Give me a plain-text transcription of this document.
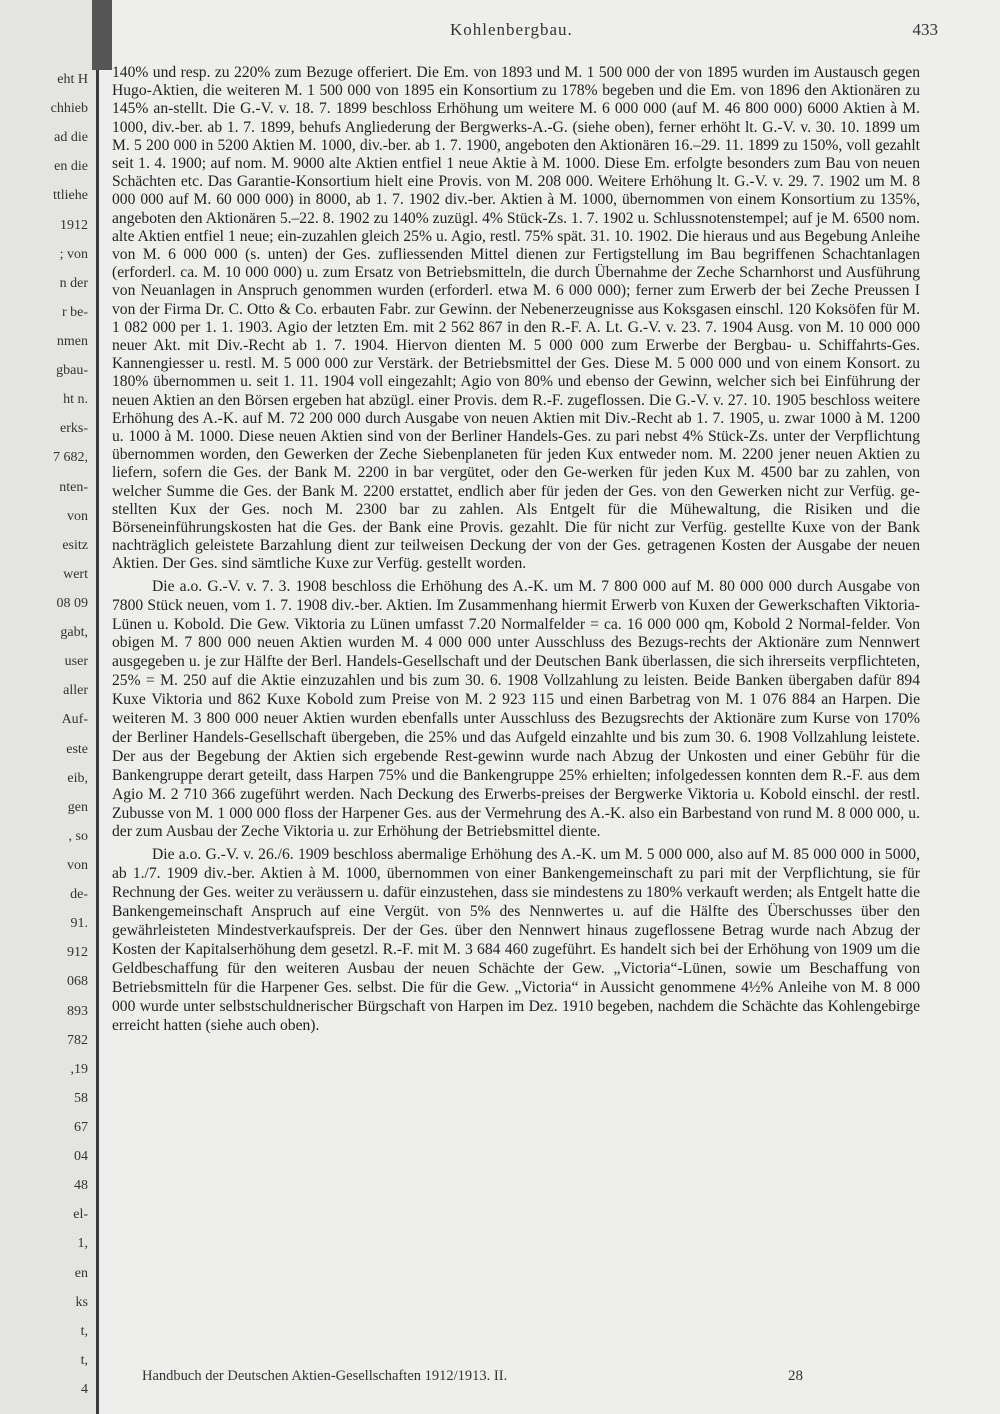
eht H
chhieb
ad die
en die
ttliehe
1912
; von
n der
r be-
nmen
gbau-
ht n.
erks-
7 682,
nten-
von
esitz
wert
08 09
gabt,
user
aller
Auf-
este
eib,
gen
, so
von
de-
91.
912
068
893
782
,19
58
67
04
48
el-
1,
en
ks
t,
t,
4
Kohlenbergbau.	433

140% und resp. zu 220% zum Bezuge offeriert. Die Em. von 1893 und M. 1 500 000 der von 1895 wurden im Austausch gegen Hugo-Aktien, die weiteren M. 1 500 000 von 1895 ein Konsortium zu 178% begeben und die Em. von 1896 den Aktionären zu 145% an-stellt. Die G.-V. v. 18. 7. 1899 beschloss Erhöhung um weitere M. 6 000 000 (auf M. 46 800 000) 6000 Aktien à M. 1000, div.-ber. ab 1. 7. 1899, behufs Angliederung der Bergwerks-A.-G. (siehe oben), ferner erhöht lt. G.-V. v. 30. 10. 1899 um M. 5 200 000 in 5200 Aktien M. 1000, div.-ber. ab 1. 7. 1900, angeboten den Aktionären 16.–29. 11. 1899 zu 150%, voll gezahlt seit 1. 4. 1900; auf nom. M. 9000 alte Aktien entfiel 1 neue Aktie à M. 1000. Diese Em. erfolgte besonders zum Bau von neuen Schächten etc. Das Garantie-Konsortium hielt eine Provis. von M. 208 000. Weitere Erhöhung lt. G.-V. v. 29. 7. 1902 um M. 8 000 000 auf M. 60 000 000) in 8000, ab 1. 7. 1902 div.-ber. Aktien à M. 1000, übernommen von einem Konsortium zu 135%, angeboten den Aktionären 5.–22. 8. 1902 zu 140% zuzügl. 4% Stück-Zs. 1. 7. 1902 u. Schlussnotenstempel; auf je M. 6500 nom. alte Aktien entfiel 1 neue; ein-zuzahlen gleich 25% u. Agio, restl. 75% spät. 31. 10. 1902. Die hieraus und aus Begebung Anleihe von M. 6 000 000 (s. unten) der Ges. zufliessenden Mittel dienen zur Fertigstellung im Bau begriffenen Schachtanlagen (erforderl. ca. M. 10 000 000) u. zum Ersatz von Betriebsmitteln, die durch Übernahme der Zeche Scharnhorst und Ausführung von Neuanlagen in Anspruch genommen wurden (erforderl. etwa M. 6 000 000); ferner zum Erwerb der bei Zeche Preussen I von der Firma Dr. C. Otto & Co. erbauten Fabr. zur Gewinn. der Nebenerzeugnisse aus Koksgasen einschl. 120 Koksöfen für M. 1 082 000 per 1. 1. 1903. Agio der letzten Em. mit 2 562 867 in den R.-F. A. Lt. G.-V. v. 23. 7. 1904 Ausg. von M. 10 000 000 neuer Akt. mit Div.-Recht ab 1. 7. 1904. Hiervon dienten M. 5 000 000 zum Erwerbe der Bergbau- u. Schiffahrts-Ges. Kannengiesser u. restl. M. 5 000 000 zur Verstärk. der Betriebsmittel der Ges. Diese M. 5 000 000 und von einem Konsort. zu 180% übernommen u. seit 1. 11. 1904 voll eingezahlt; Agio von 80% und ebenso der Gewinn, welcher sich bei Einführung der neuen Aktien an den Börsen ergeben hat abzügl. einer Provis. dem R.-F. zugeflossen. Die G.-V. v. 27. 10. 1905 beschloss weitere Erhöhung des A.-K. auf M. 72 200 000 durch Ausgabe von neuen Aktien mit Div.-Recht ab 1. 7. 1905, u. zwar 1000 à M. 1200 u. 1000 à M. 1000. Diese neuen Aktien sind von der Berliner Handels-Ges. zu pari nebst 4% Stück-Zs. unter der Verpflichtung übernommen worden, den Gewerken der Zeche Siebenplaneten für jeden Kux entweder nom. M. 2200 jener neuen Aktien zu liefern, sofern die Ges. der Bank M. 2200 in bar vergütet, oder den Ge-werken für jeden Kux M. 4500 bar zu zahlen, von welcher Summe die Ges. der Bank M. 2200 erstattet, endlich aber für jeden der Ges. von den Gewerken nicht zur Verfüg. ge-stellten Kux der Ges. noch M. 2300 bar zu zahlen. Als Entgelt für die Mühewaltung, die Risiken und die Börseneinführungskosten hat die Ges. der Bank eine Provis. gezahlt. Die für nicht zur Verfüg. gestellte Kuxe von der Bank nachträglich geleistete Barzahlung dient zur teilweisen Deckung der von der Ges. getragenen Kosten der Ausgabe der neuen Aktien. Der Ges. sind sämtliche Kuxe zur Verfüg. gestellt worden.

Die a.o. G.-V. v. 7. 3. 1908 beschloss die Erhöhung des A.-K. um M. 7 800 000 auf M. 80 000 000 durch Ausgabe von 7800 Stück neuen, vom 1. 7. 1908 div.-ber. Aktien. Im Zusammenhang hiermit Erwerb von Kuxen der Gewerkschaften Viktoria-Lünen u. Kobold. Die Gew. Viktoria zu Lünen umfasst 7.20 Normalfelder = ca. 16 000 000 qm, Kobold 2 Normal-felder. Von obigen M. 7 800 000 neuen Aktien wurden M. 4 000 000 unter Ausschluss des Bezugs-rechts der Aktionäre zum Nennwert ausgegeben u. je zur Hälfte der Berl. Handels-Gesellschaft und der Deutschen Bank überlassen, die sich ihrerseits verpflichteten, 25% = M. 250 auf die Aktie einzuzahlen und bis zum 30. 6. 1908 Vollzahlung zu leisten. Beide Banken übergaben dafür 894 Kuxe Viktoria und 862 Kuxe Kobold zum Preise von M. 2 923 115 und einen Barbetrag von M. 1 076 884 an Harpen. Die weiteren M. 3 800 000 neuer Aktien wurden ebenfalls unter Ausschluss des Bezugsrechts der Aktionäre zum Kurse von 170% der Berliner Handels-Gesellschaft übergeben, die 25% und das Aufgeld einzahlte und bis zum 30. 6. 1908 Vollzahlung leistete. Der aus der Begebung der Aktien sich ergebende Rest-gewinn wurde nach Abzug der Unkosten und einer Gebühr für die Bankengruppe derart geteilt, dass Harpen 75% und die Bankengruppe 25% erhielten; infolgedessen konnten dem R.-F. aus dem Agio M. 2 710 366 zugeführt werden. Nach Deckung des Erwerbs-preises der Bergwerke Viktoria u. Kobold einschl. der restl. Zubusse von M. 1 000 000 floss der Harpener Ges. aus der Vermehrung des A.-K. also ein Barbestand von rund M. 8 000 000, u. der zum Ausbau der Zeche Viktoria u. zur Erhöhung der Betriebsmittel diente.

Die a.o. G.-V. v. 26./6. 1909 beschloss abermalige Erhöhung des A.-K. um M. 5 000 000, also auf M. 85 000 000 in 5000, ab 1./7. 1909 div.-ber. Aktien à M. 1000, übernommen von einer Bankengemeinschaft zu pari mit der Verpflichtung, sie für Rechnung der Ges. weiter zu veräussern u. dafür einzustehen, dass sie mindestens zu 180% verkauft werden; als Entgelt hatte die Bankengemeinschaft Anspruch auf eine Vergüt. von 5% des Nennwertes u. auf die Hälfte des Überschusses über den gewährleisteten Mindestverkaufspreis. Der der Ges. über den Nennwert hinaus zugeflossene Betrag wurde nach Abzug der Kosten der Kapitalserhöhung dem gesetzl. R.-F. mit M. 3 684 460 zugeführt. Es handelt sich bei der Erhöhung von 1909 um die Geldbeschaffung für den weiteren Ausbau der neuen Schächte der Gew. „Victoria“-Lünen, sowie um Beschaffung von Betriebsmitteln für die Harpener Ges. selbst. Die für die Gew. „Victoria“ in Aussicht genommene 4½% Anleihe von M. 8 000 000 wurde unter selbstschuldnerischer Bürgschaft von Harpen im Dez. 1910 begeben, nachdem die Schächte das Kohlengebirge erreicht hatten (siehe auch oben).

Handbuch der Deutschen Aktien-Gesellschaften 1912/1913. II.	28
